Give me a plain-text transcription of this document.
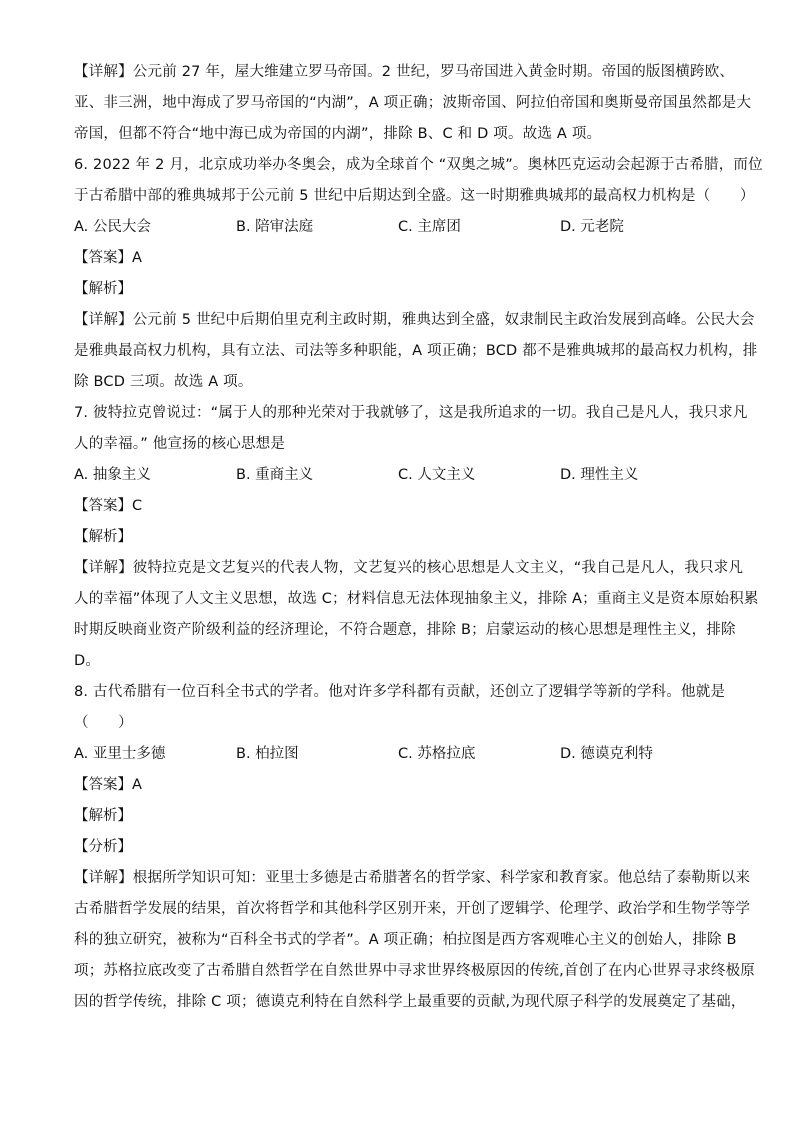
【详解】公元前 27 年，屋大维建立罗马帝国。2 世纪，罗马帝国进入黄金时期。帝国的版图横跨欧、
亚、非三洲，地中海成了罗马帝国的“内湖”，A 项正确；波斯帝国、阿拉伯帝国和奥斯曼帝国虽然都是大
帝国，但都不符合“地中海已成为帝国的内湖”，排除 B、C 和 D 项。故选 A 项。
6. 2022 年 2 月，北京成功举办冬奥会，成为全球首个 “双奥之城”。奥林匹克运动会起源于古希腊，而位
于古希腊中部的雅典城邦于公元前 5 世纪中后期达到全盛。这一时期雅典城邦的最高权力机构是（　　）
A. 公民大会	B. 陪审法庭	C. 主席团	D. 元老院
【答案】A
【解析】
【详解】公元前 5 世纪中后期伯里克利主政时期，雅典达到全盛，奴隶制民主政治发展到高峰。公民大会
是雅典最高权力机构，具有立法、司法等多种职能，A 项正确；BCD 都不是雅典城邦的最高权力机构，排
除 BCD 三项。故选 A 项。
7. 彼特拉克曾说过：“属于人的那种光荣对于我就够了，这是我所追求的一切。我自己是凡人，我只求凡
人的幸福。” 他宣扬的核心思想是
A. 抽象主义	B. 重商主义	C. 人文主义	D. 理性主义
【答案】C
【解析】
【详解】彼特拉克是文艺复兴的代表人物，文艺复兴的核心思想是人文主义，“我自己是凡人，我只求凡
人的幸福”体现了人文主义思想，故选 C；材料信息无法体现抽象主义，排除 A；重商主义是资本原始积累
时期反映商业资产阶级利益的经济理论，不符合题意，排除 B；启蒙运动的核心思想是理性主义，排除
D。
8. 古代希腊有一位百科全书式的学者。他对许多学科都有贡献，还创立了逻辑学等新的学科。他就是
（　　）
A. 亚里士多德	B. 柏拉图	C. 苏格拉底	D. 德谟克利特
【答案】A
【解析】
【分析】
【详解】根据所学知识可知：亚里士多德是古希腊著名的哲学家、科学家和教育家。他总结了泰勒斯以来
古希腊哲学发展的结果，首次将哲学和其他科学区别开来，开创了逻辑学、伦理学、政治学和生物学等学
科的独立研究，被称为“百科全书式的学者”。A 项正确；柏拉图是西方客观唯心主义的创始人，排除 B
项；苏格拉底改变了古希腊自然哲学在自然世界中寻求世界终极原因的传统,首创了在内心世界寻求终极原
因的哲学传统，排除 C 项；德谟克利特在自然科学上最重要的贡献,为现代原子科学的发展奠定了基础，
